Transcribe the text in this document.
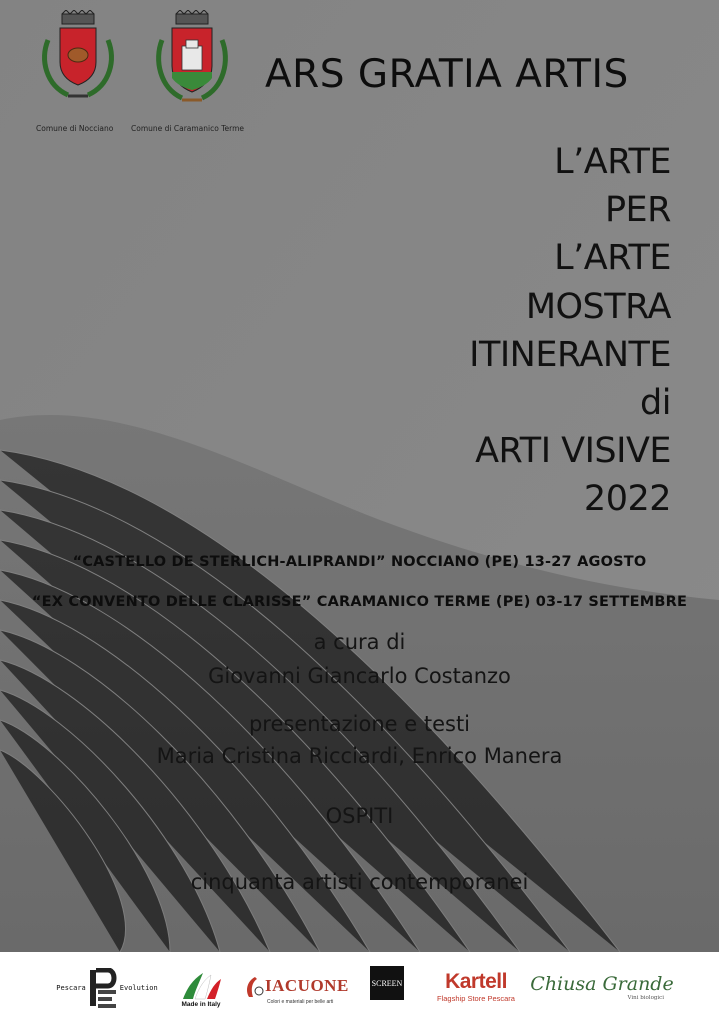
Comune di Nocciano Comune di Caramanico Terme
ARS GRATIA ARTIS
L’ARTE
PER
L’ARTE
MOSTRA
ITINERANTE
di
ARTI VISIVE
2022
“CASTELLO DE STERLICH-ALIPRANDI” NOCCIANO (PE) 13-27 AGOSTO
“EX CONVENTO DELLE CLARISSE” CARAMANICO TERME (PE) 03-17 SETTEMBRE
a cura di
Giovanni Giancarlo Costanzo
presentazione e testi
Maria Cristina Ricciardi, Enrico Manera
OSPITI
cinquanta artisti contemporanei
Pescara	Evolution
Made in Italy
IACUONE
Colori e materiali per belle arti
SCREEN Kartell
Flagship Store Pescara
Chiusa Grande
Vini biologici
